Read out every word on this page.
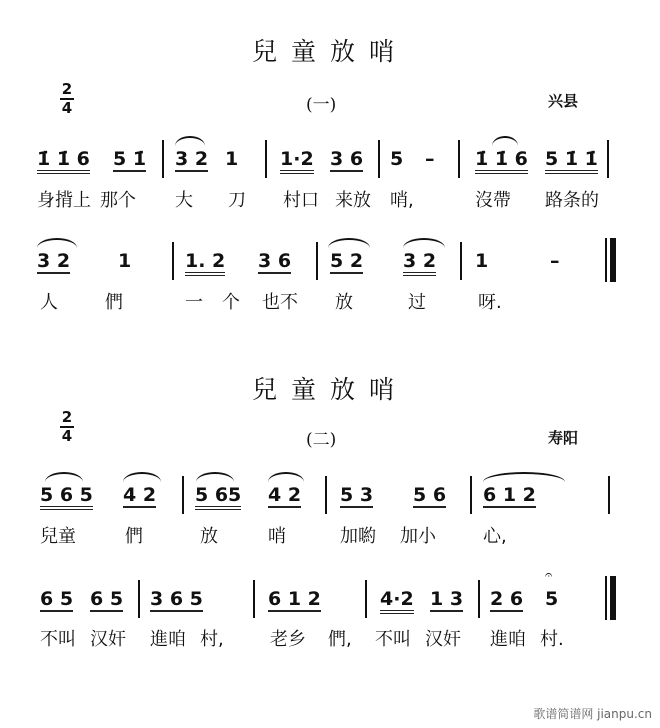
兒童放哨
2
4	(一)	兴县
兒童放哨
2
4	(二)	寿阳
歌谱简谱网 jianpu.cn
1̇ 1̇ 6 5 1̇ 3 2 1 1·2 3 6 5 – 1̇ 1̇ 6 5 1̇ 1̇
身揹上 那个 大 刀 村口 来放 哨,	沒帶 路条的
3 2	1	1. 2 3 6 5 2 3 2 1	–
人	們	一 个 也不 放	过	呀.
5 6 5 4 2 5 65 4 2 5 3 5 6 6 1 2
兒童	們	放	哨	加喲 加小	心,
6 5 6 5 3 6 5	6 1 2	4·2 1 3 2 6 5
不叫 汉奸 進咱 村,	老乡 們, 不叫 汉奸 進咱 村.
𝄐
